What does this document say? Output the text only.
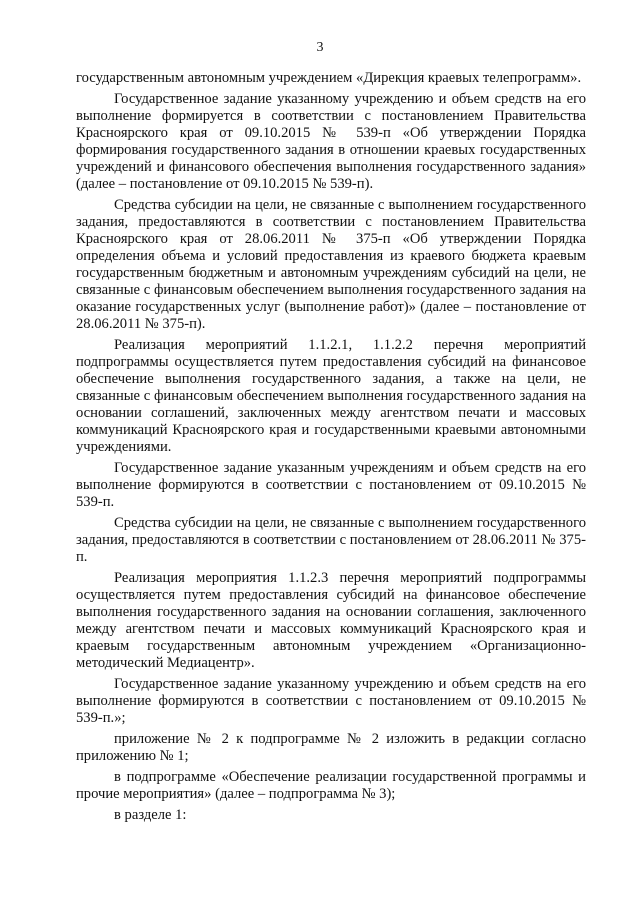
3

государственным автономным учреждением «Дирекция краевых телепрограмм».

Государственное задание указанному учреждению и объем средств на его выполнение формируется в соответствии с постановлением Правительства Красноярского края от 09.10.2015 № 539-п «Об утверждении Порядка формирования государственного задания в отношении краевых государственных учреждений и финансового обеспечения выполнения государственного задания» (далее – постановление от 09.10.2015 № 539-п).

Средства субсидии на цели, не связанные с выполнением государственного задания, предоставляются в соответствии с постановлением Правительства Красноярского края от 28.06.2011 № 375-п «Об утверждении Порядка определения объема и условий предоставления из краевого бюджета краевым государственным бюджетным и автономным учреждениям субсидий на цели, не связанные с финансовым обеспечением выполнения государственного задания на оказание государственных услуг (выполнение работ)» (далее – постановление от 28.06.2011 № 375-п).

Реализация мероприятий 1.1.2.1, 1.1.2.2 перечня мероприятий подпрограммы осуществляется путем предоставления субсидий на финансовое обеспечение выполнения государственного задания, а также на цели, не связанные с финансовым обеспечением выполнения государственного задания на основании соглашений, заключенных между агентством печати и массовых коммуникаций Красноярского края и государственными краевыми автономными учреждениями.

Государственное задание указанным учреждениям и объем средств на его выполнение формируются в соответствии с постановлением от 09.10.2015 № 539-п.

Средства субсидии на цели, не связанные с выполнением государственного задания, предоставляются в соответствии с постановлением от 28.06.2011 № 375-п.

Реализация мероприятия 1.1.2.3 перечня мероприятий подпрограммы осуществляется путем предоставления субсидий на финансовое обеспечение выполнения государственного задания на основании соглашения, заключенного между агентством печати и массовых коммуникаций Красноярского края и краевым государственным автономным учреждением «Организационно-методический Медиацентр».

Государственное задание указанному учреждению и объем средств на его выполнение формируются в соответствии с постановлением от 09.10.2015 № 539-п.»;

приложение № 2 к подпрограмме № 2 изложить в редакции согласно приложению № 1;

в подпрограмме «Обеспечение реализации государственной программы и прочие мероприятия» (далее – подпрограмма № 3);

в разделе 1:
